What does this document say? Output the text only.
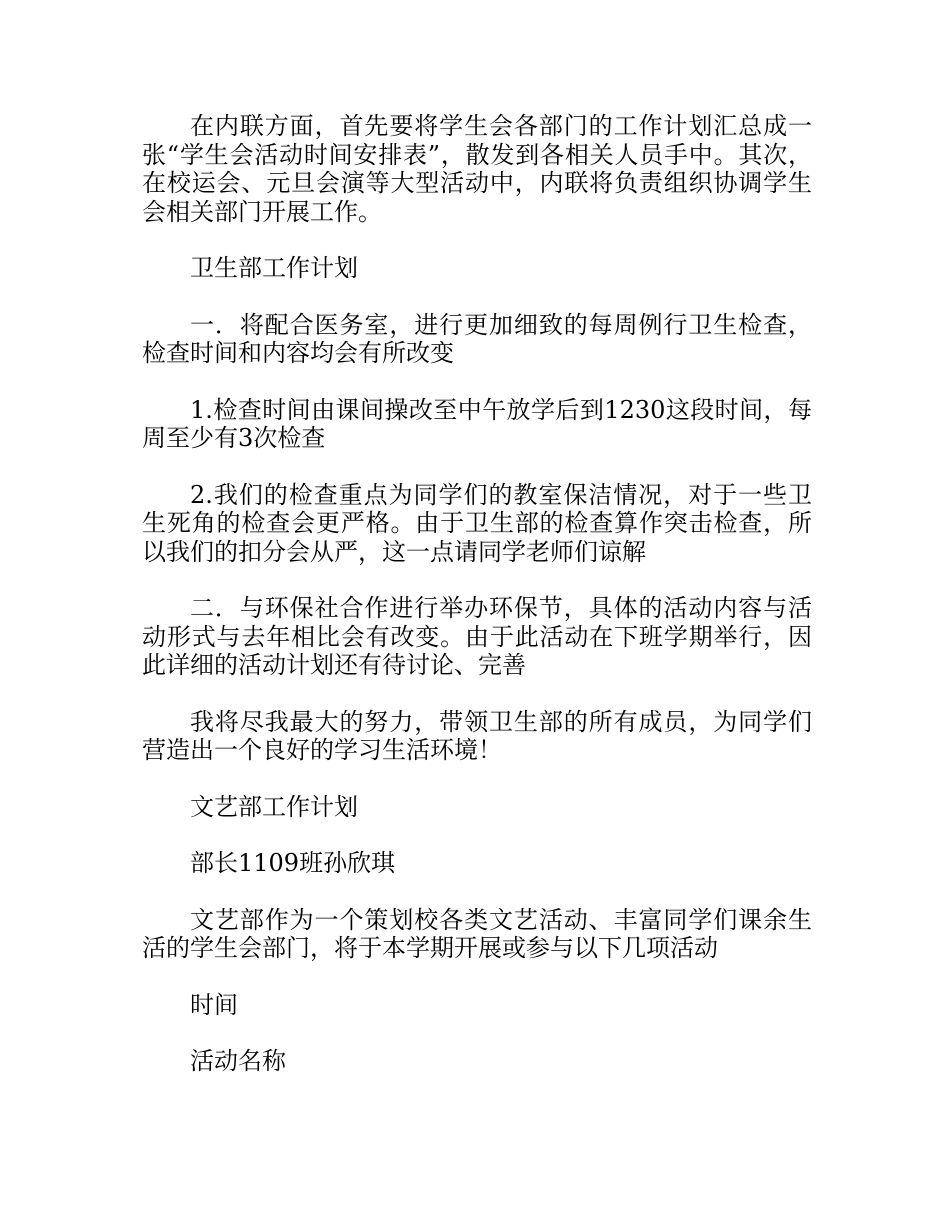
在内联方面，首先要将学生会各部门的工作计划汇总成一张“学生会活动时间安排表”，散发到各相关人员手中。其次，在校运会、元旦会演等大型活动中，内联将负责组织协调学生会相关部门开展工作。

卫生部工作计划

一．将配合医务室，进行更加细致的每周例行卫生检查，检查时间和内容均会有所改变

1.检查时间由课间操改至中午放学后到1230这段时间，每周至少有3次检查

2.我们的检查重点为同学们的教室保洁情况，对于一些卫生死角的检查会更严格。由于卫生部的检查算作突击检查，所以我们的扣分会从严，这一点请同学老师们谅解

二．与环保社合作进行举办环保节，具体的活动内容与活动形式与去年相比会有改变。由于此活动在下班学期举行，因此详细的活动计划还有待讨论、完善

我将尽我最大的努力，带领卫生部的所有成员，为同学们营造出一个良好的学习生活环境！

文艺部工作计划

部长1109班孙欣琪

文艺部作为一个策划校各类文艺活动、丰富同学们课余生活的学生会部门，将于本学期开展或参与以下几项活动

时间

活动名称
